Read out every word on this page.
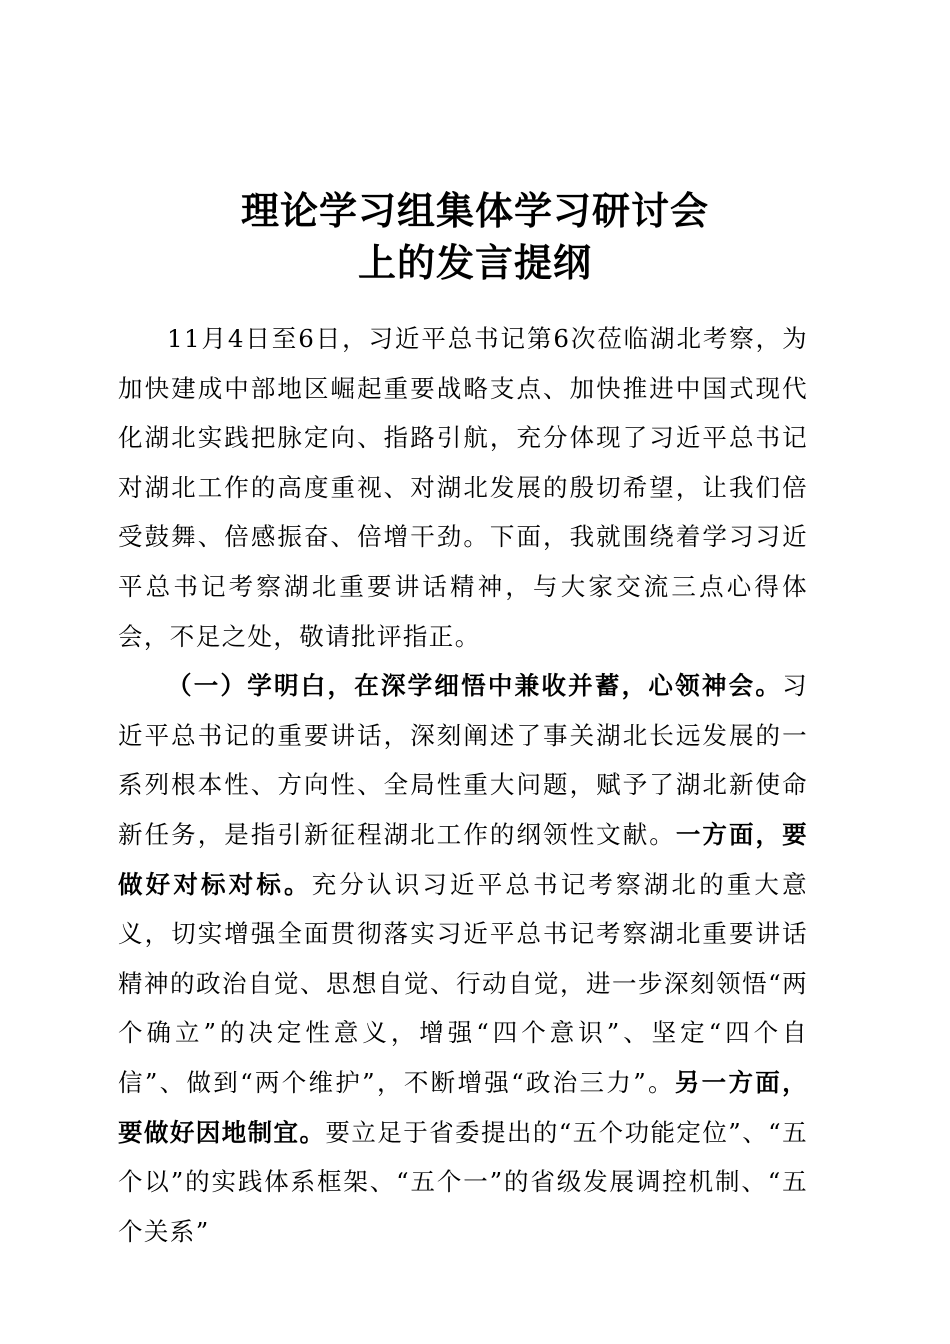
理论学习组集体学习研讨会
上的发言提纲

11月4日至6日，习近平总书记第6次莅临湖北考察，为加快建成中部地区崛起重要战略支点、加快推进中国式现代化湖北实践把脉定向、指路引航，充分体现了习近平总书记对湖北工作的高度重视、对湖北发展的殷切希望，让我们倍受鼓舞、倍感振奋、倍增干劲。下面，我就围绕着学习习近平总书记考察湖北重要讲话精神，与大家交流三点心得体会，不足之处，敬请批评指正。

（一）学明白，在深学细悟中兼收并蓄，心领神会。习近平总书记的重要讲话，深刻阐述了事关湖北长远发展的一系列根本性、方向性、全局性重大问题，赋予了湖北新使命新任务，是指引新征程湖北工作的纲领性文献。一方面，要做好对标对标。充分认识习近平总书记考察湖北的重大意义，切实增强全面贯彻落实习近平总书记考察湖北重要讲话精神的政治自觉、思想自觉、行动自觉，进一步深刻领悟“两个确立”的决定性意义，增强“四个意识”、坚定“四个自信”、做到“两个维护”，不断增强“政治三力”。另一方面，要做好因地制宜。要立足于省委提出的“五个功能定位”、“五个以”的实践体系框架、“五个一”的省级发展调控机制、“五个关系”
